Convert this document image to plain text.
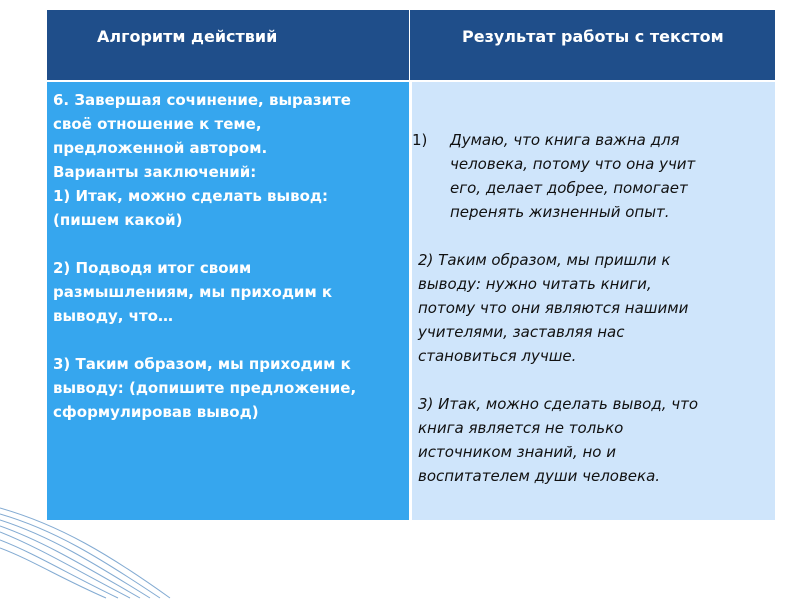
Алгоритм действий	Результат работы с текстом

6. Завершая сочинение, выразите

своё отношение к теме,

предложенной автором.

Варианты заключений:

1) Итак, можно сделать вывод:

(пишем какой)

2) Подводя итог своим

размышлениям, мы приходим к

выводу, что…

3) Таким образом, мы приходим к

выводу: (допишите предложение,

сформулировав вывод)

1) Думаю, что книга важна для
человека, потому что она учит
его, делает добрее, помогает
перенять жизненный опыт.
2) Таким образом, мы пришли к
выводу: нужно читать книги,
потому что они являются нашими
учителями, заставляя нас
становиться лучше.
3) Итак, можно сделать вывод, что
книга является не только
источником знаний, но и
воспитателем души человека.
